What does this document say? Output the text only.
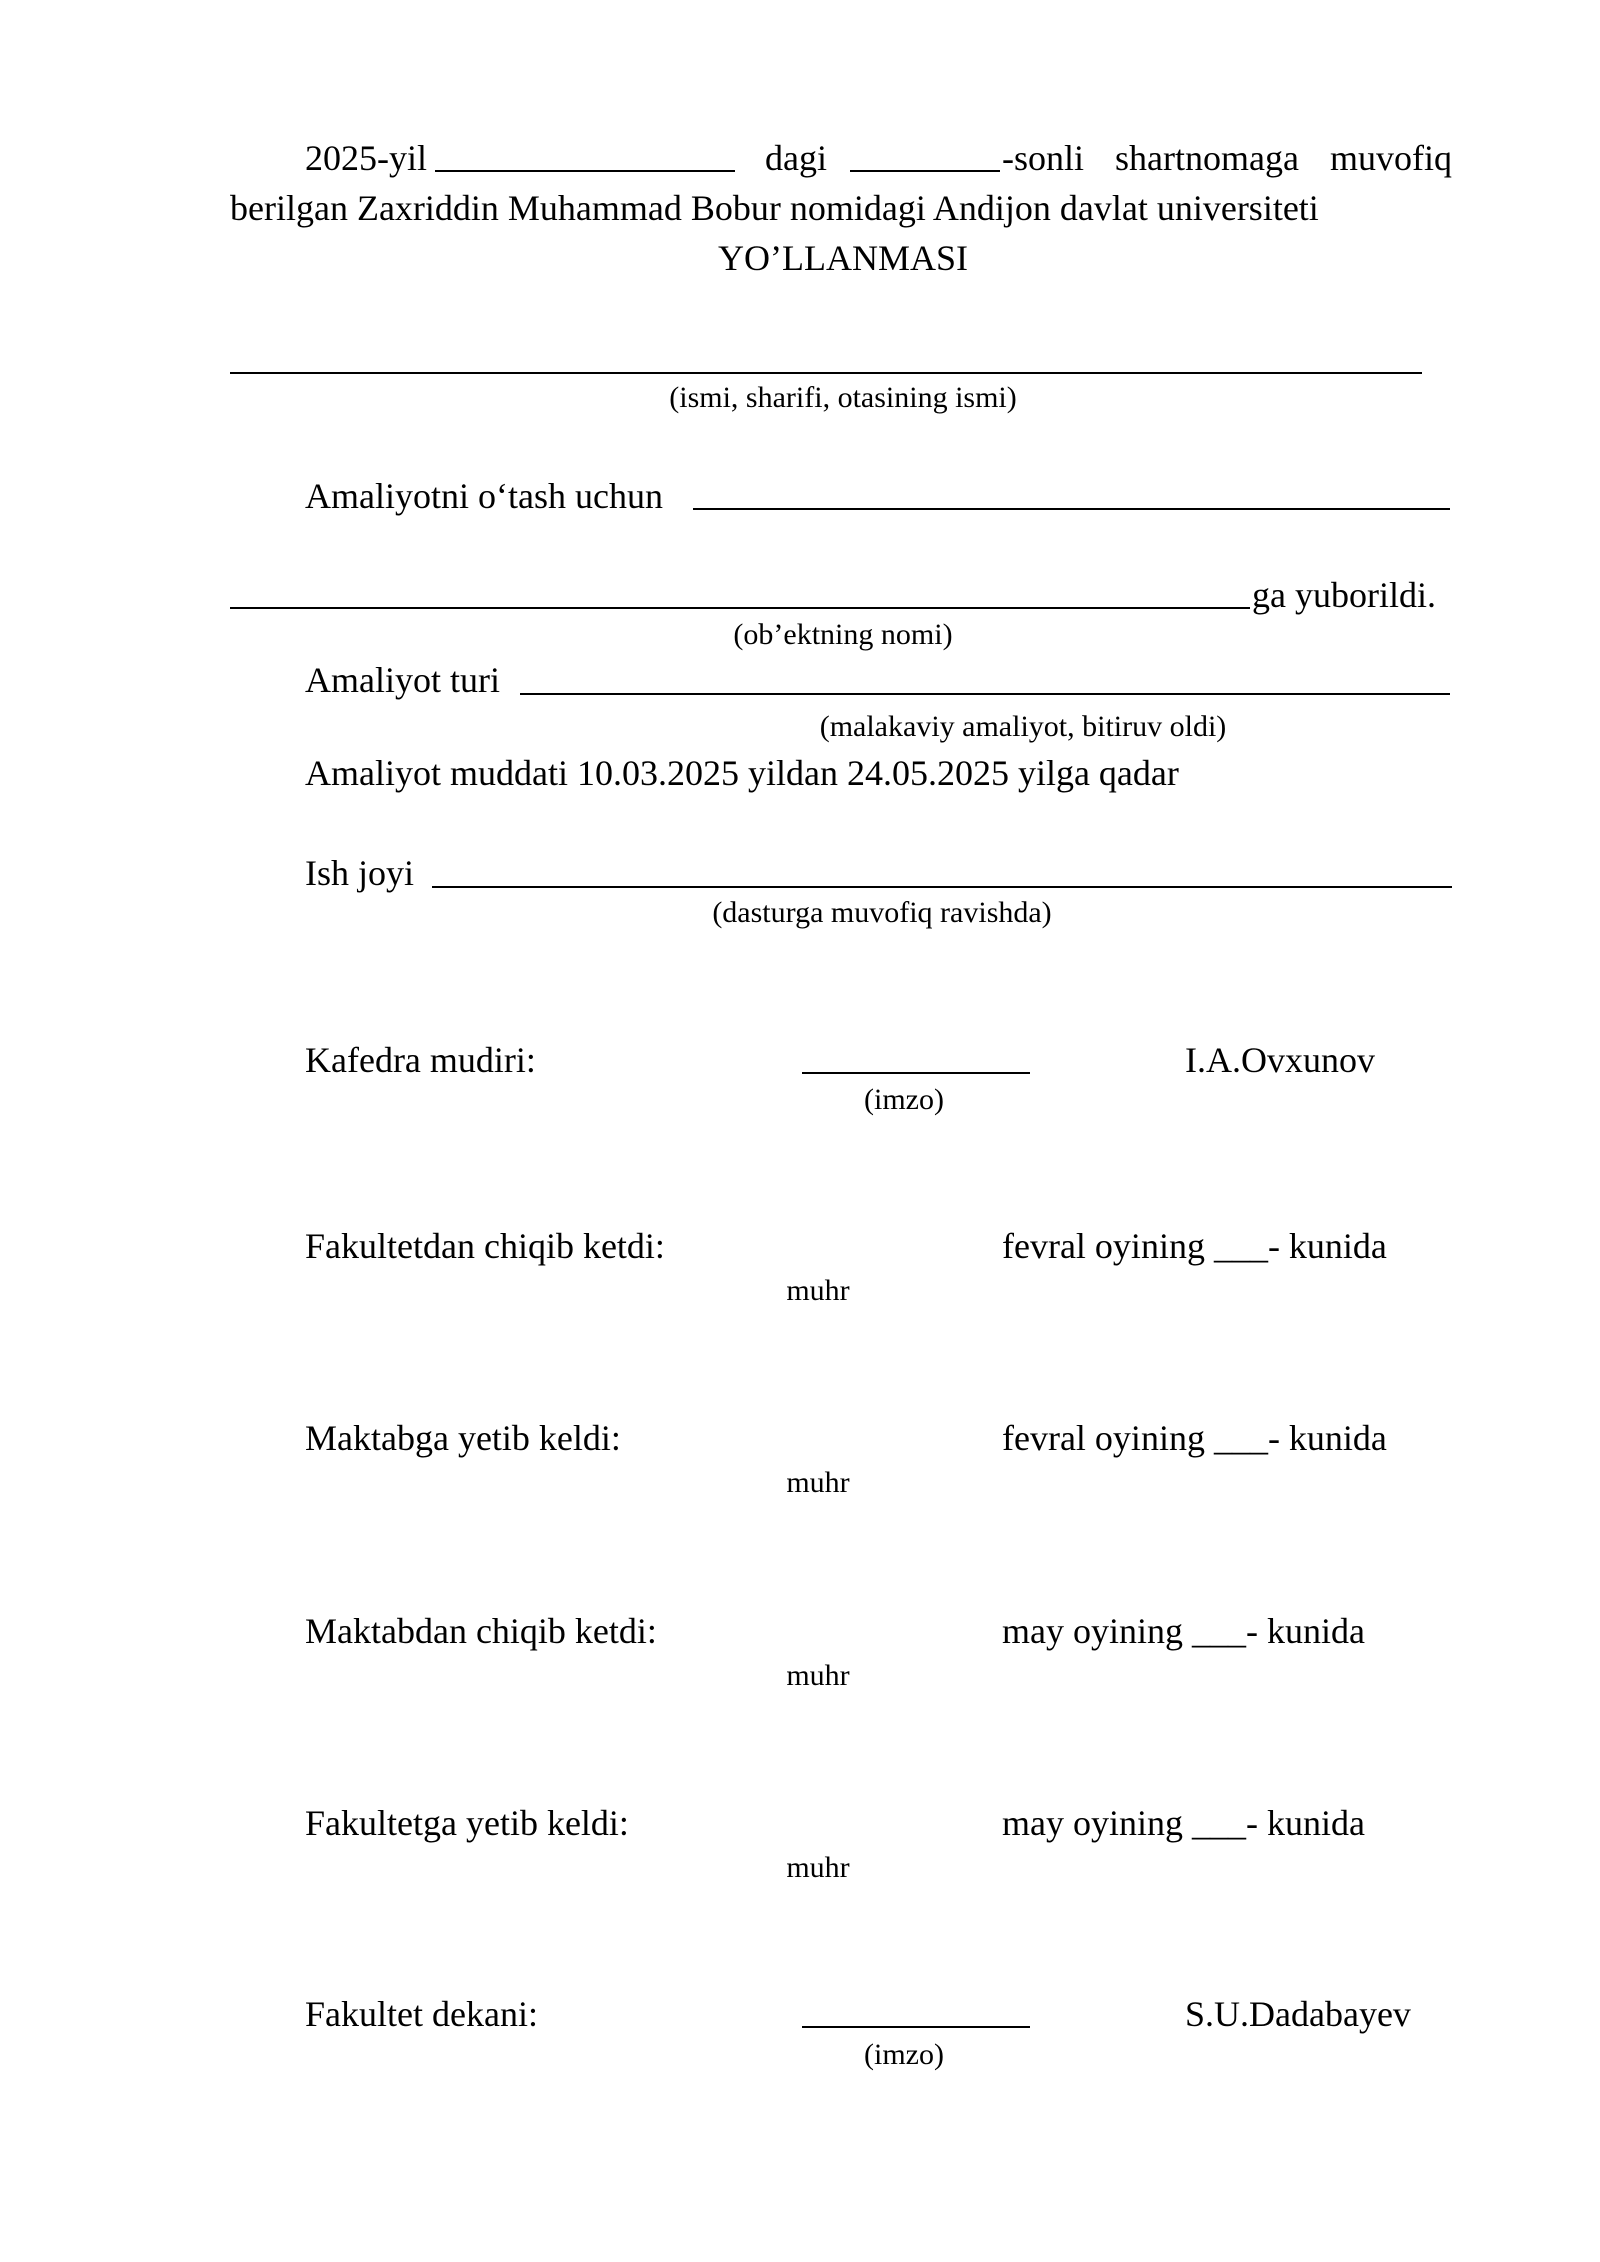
2025-yil	dagi	-sonli shartnomaga muvofiq
berilgan Zaxriddin Muhammad Bobur nomidagi Andijon davlat universiteti
YO’LLANMASI
(ismi, sharifi, otasining ismi)
Amaliyotni o‘tash uchun
ga yuborildi.
(ob’ektning nomi)
Amaliyot turi
(malakaviy amaliyot, bitiruv oldi)
Amaliyot muddati 10.03.2025 yildan 24.05.2025 yilga qadar
Ish joyi
(dasturga muvofiq ravishda)
Kafedra mudiri:
(imzo)
I.A.Ovxunov
Fakultetdan chiqib ketdi:	fevral oyining ___- kunida
muhr
Maktabga yetib keldi:	fevral oyining ___- kunida
muhr
Maktabdan chiqib ketdi:	may oyining ___- kunida
muhr
Fakultetga yetib keldi:	may oyining ___- kunida
muhr
Fakultet dekani:
(imzo)
S.U.Dadabayev
